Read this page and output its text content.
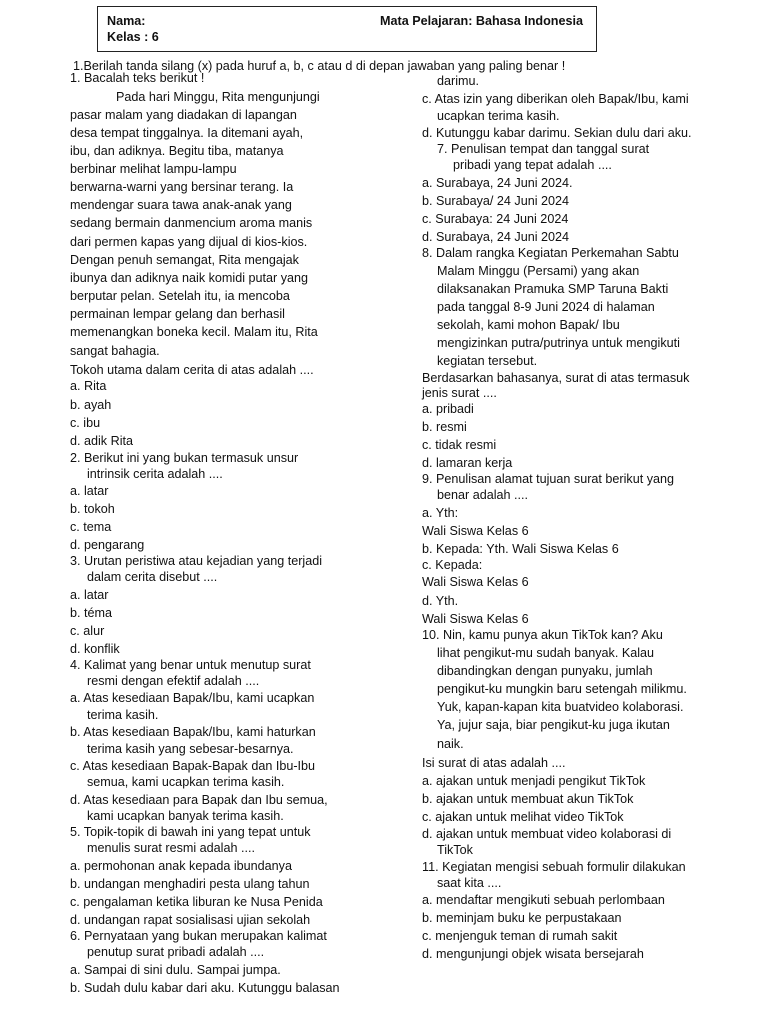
Nama:
Kelas : 6
Mata Pelajaran: Bahasa Indonesia
1.Berilah tanda silang (x) pada huruf a, b, c atau d di depan jawaban yang paling benar !
1. Bacalah teks berikut !
Pada hari Minggu, Rita mengunjungi
pasar malam yang diadakan di lapangan
desa tempat tinggalnya. Ia ditemani ayah,
ibu, dan adiknya. Begitu tiba, matanya
berbinar melihat lampu-lampu
berwarna-warni yang bersinar terang. Ia
mendengar suara tawa anak-anak yang
sedang bermain danmencium aroma manis
dari permen kapas yang dijual di kios-kios.
Dengan penuh semangat, Rita mengajak
ibunya dan adiknya naik komidi putar yang
berputar pelan. Setelah itu, ia mencoba
permainan lempar gelang dan berhasil
memenangkan boneka kecil. Malam itu, Rita
sangat bahagia.
Tokoh utama dalam cerita di atas adalah ....
a. Rita
b. ayah
c. ibu
d. adik Rita
2. Berikut ini yang bukan termasuk unsur
intrinsik cerita adalah ....
a. latar
b. tokoh
c. tema
d. pengarang
3. Urutan peristiwa atau kejadian yang terjadi
dalam cerita disebut ....
a. latar
b. téma
c. alur
d. konflik
4. Kalimat yang benar untuk menutup surat
resmi dengan efektif adalah ....
a. Atas kesediaan Bapak/Ibu, kami ucapkan
terima kasih.
b. Atas kesediaan Bapak/Ibu, kami haturkan
terima kasih yang sebesar-besarnya.
c. Atas kesediaan Bapak-Bapak dan Ibu-Ibu
semua, kami ucapkan terima kasih.
d. Atas kesediaan para Bapak dan Ibu semua,
kami ucapkan banyak terima kasih.
5. Topik-topik di bawah ini yang tepat untuk
menulis surat resmi adalah ....
a. permohonan anak kepada ibundanya
b. undangan menghadiri pesta ulang tahun
c. pengalaman ketika liburan ke Nusa Penida
d. undangan rapat sosialisasi ujian sekolah
6. Pernyataan yang bukan merupakan kalimat
penutup surat pribadi adalah ....
a. Sampai di sini dulu. Sampai jumpa.
b. Sudah dulu kabar dari aku. Kutunggu balasan
darimu.
c. Atas izin yang diberikan oleh Bapak/Ibu, kami
ucapkan terima kasih.
d. Kutunggu kabar darimu. Sekian dulu dari aku.
7. Penulisan tempat dan tanggal surat
pribadi yang tepat adalah ....
a. Surabaya, 24 Juni 2024.
b. Surabaya/ 24 Juni 2024
c. Surabaya: 24 Juni 2024
d. Surabaya, 24 Juni 2024
8. Dalam rangka Kegiatan Perkemahan Sabtu
Malam Minggu (Persami) yang akan
dilaksanakan Pramuka SMP Taruna Bakti
pada tanggal 8-9 Juni 2024 di halaman
sekolah, kami mohon Bapak/ Ibu
mengizinkan putra/putrinya untuk mengikuti
kegiatan tersebut.
Berdasarkan bahasanya, surat di atas termasuk
jenis surat ....
a. pribadi
b. resmi
c. tidak resmi
d. lamaran kerja
9. Penulisan alamat tujuan surat berikut yang
benar adalah ....
a. Yth:
Wali Siswa Kelas 6
b. Kepada: Yth. Wali Siswa Kelas 6
c. Kepada:
Wali Siswa Kelas 6
d. Yth.
Wali Siswa Kelas 6
10. Nin, kamu punya akun TikTok kan? Aku
lihat pengikut-mu sudah banyak. Kalau
dibandingkan dengan punyaku, jumlah
pengikut-ku mungkin baru setengah milikmu.
Yuk, kapan-kapan kita buatvideo kolaborasi.
Ya, jujur saja, biar pengikut-ku juga ikutan
naik.
Isi surat di atas adalah ....
a. ajakan untuk menjadi pengikut TikTok
b. ajakan untuk membuat akun TikTok
c. ajakan untuk melihat video TikTok
d. ajakan untuk membuat video kolaborasi di
TikTok
11. Kegiatan mengisi sebuah formulir dilakukan
saat kita ....
a. mendaftar mengikuti sebuah perlombaan
b. meminjam buku ke perpustakaan
c. menjenguk teman di rumah sakit
d. mengunjungi objek wisata bersejarah
